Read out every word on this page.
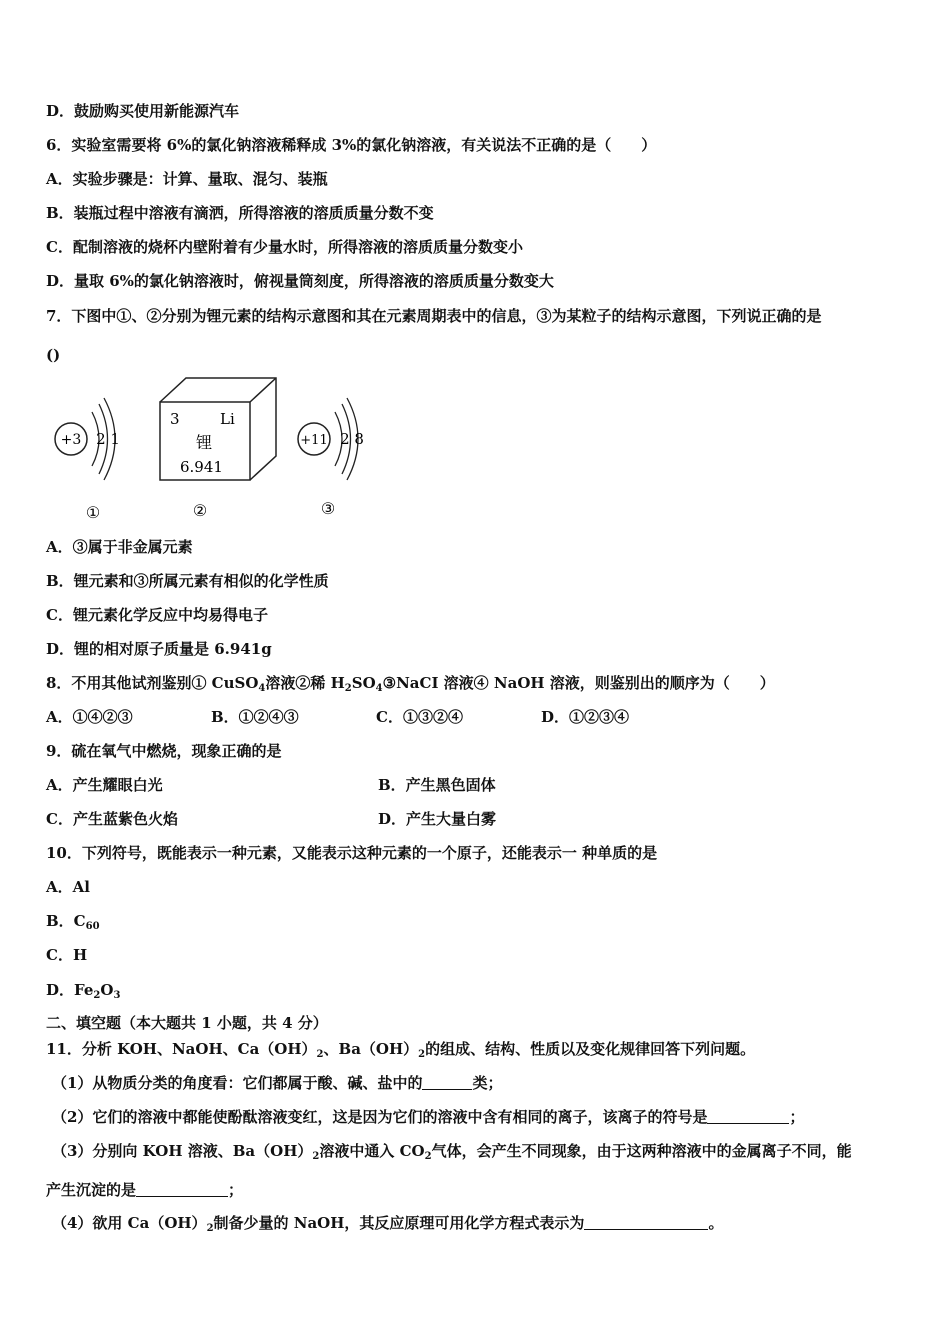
D．鼓励购买使用新能源汽车
6．实验室需要将 6%的氯化钠溶液稀释成 3%的氯化钠溶液，有关说法不正确的是（　　）
A．实验步骤是：计算、量取、混匀、装瓶
B．装瓶过程中溶液有滴洒，所得溶液的溶质质量分数不变
C．配制溶液的烧杯内壁附着有少量水时，所得溶液的溶质质量分数变小
D．量取 6%的氯化钠溶液时，俯视量筒刻度，所得溶液的溶质质量分数变大
7．下图中①、②分别为锂元素的结构示意图和其在元素周期表中的信息，③为某粒子的结构示意图，下列说正确的是
()
+3 2 1
①
3	Li
锂
6.941
②
+11 2 8
③
A．③属于非金属元素
B．锂元素和③所属元素有相似的化学性质
C．锂元素化学反应中均易得电子
D．锂的相对原子质量是 6.941g
8．不用其他试剂鉴别① CuSO$_4$溶液②稀 $H_2SO_4③NaCI$ 溶液④ NaOH 溶液，则鉴别出的顺序为（　　）
A．①④②③	B．①②④③	C．①③②④	D．①②③④
9．硫在氧气中燃烧，现象正确的是
A．产生耀眼白光	B．产生黑色固体
C．产生蓝紫色火焰	D．产生大量白雾
10．下列符号，既能表示一种元素，又能表示这种元素的一个原子，还能表示一 种单质的是
A．Al
B．$C_{60}$
C．H
D．$Fe_2O_3$
二、填空题（本大题共 1 小题，共 4 分）
11．分析 KOH、NaOH、$Ca(OH)_2$、$Ba(OH)_2$的组成、结构、性质以及变化规律回答下列问题。
（1）从物质分类的角度看：它们都属于酸、碱、盐中的	类；
（2）它们的溶液中都能使酚酞溶液变红，这是因为它们的溶液中含有相同的离子，该离子的符号是	；
（3）分别向 KOH 溶液、$Ba(OH)_2$溶液中通入 $CO_2$气体，会产生不同现象，由于这两种溶液中的金属离子不同，能
产生沉淀的是	；
（4）欲用 $Ca(OH)_2$制备少量的 NaOH，其反应原理可用化学方程式表示为	。
